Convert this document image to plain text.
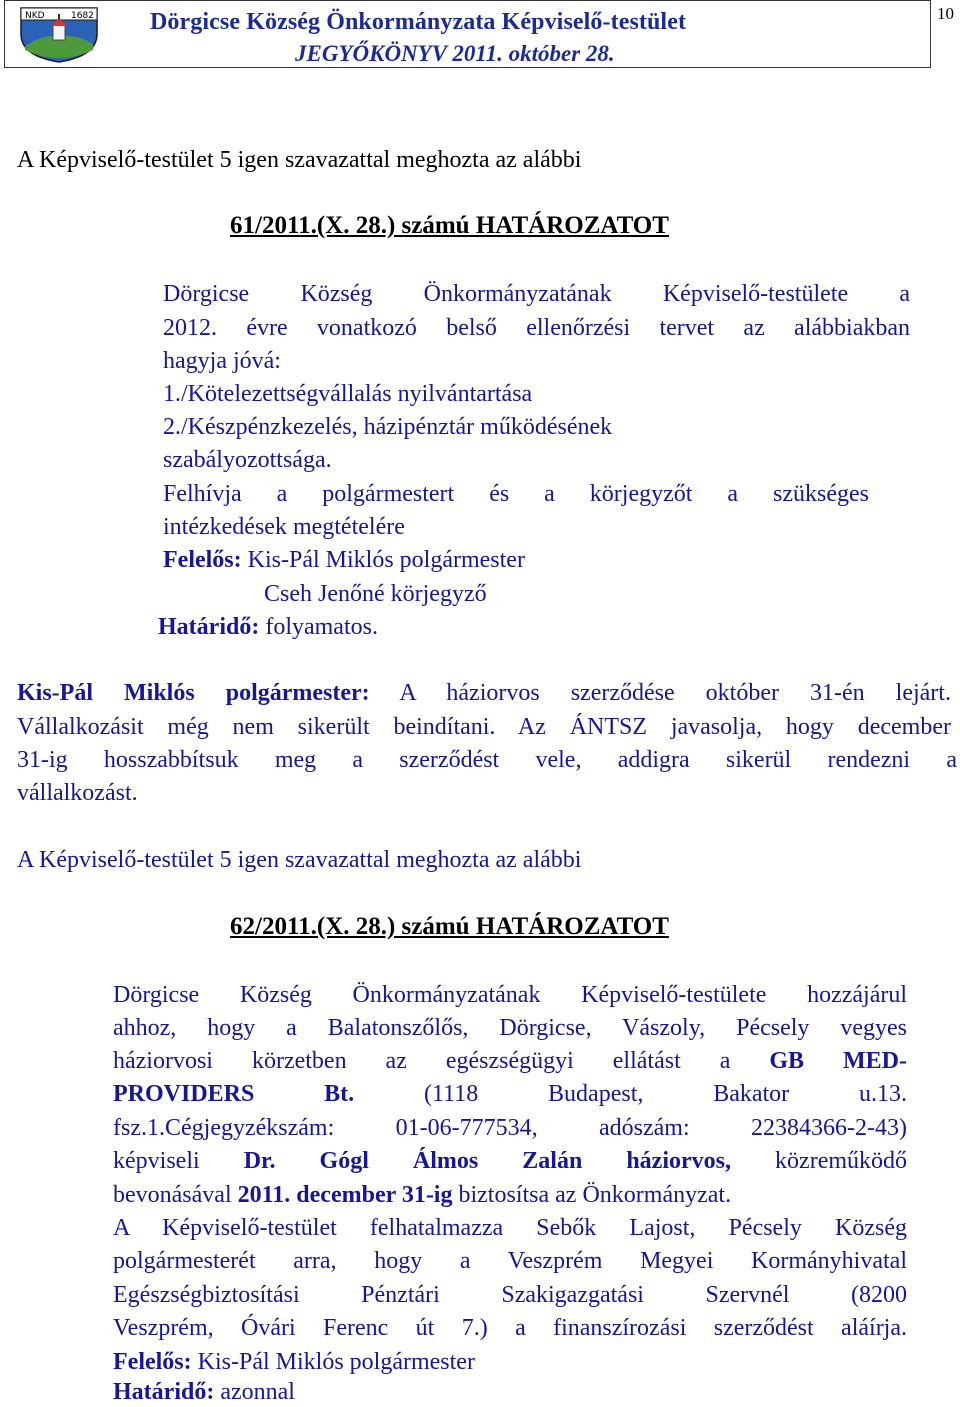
NKD	1682 Dörgicse Község Önkormányzata Képviselő-testület
JEGYŐKÖNYV 2011. október 28.
10
A Képviselő-testület 5 igen szavazattal meghozta az alábbi
61/2011.(X. 28.) számú HATÁROZATOT
Dörgicse Község Önkormányzatának Képviselő-testülete a
2012. évre vonatkozó belső ellenőrzési tervet az alábbiakban
hagyja jóvá:
1./Kötelezettségvállalás nyilvántartása
2./Készpénzkezelés, házipénztár működésének
szabályozottsága.
Felhívja a polgármestert és a körjegyzőt a szükséges
intézkedések megtételére
Felelős: Kis-Pál Miklós polgármester
Cseh Jenőné körjegyző
Határidő: folyamatos.
Kis-Pál Miklós polgármester: A háziorvos szerződése október 31-én lejárt.
Vállalkozásit még nem sikerült beindítani. Az ÁNTSZ javasolja, hogy december
31-ig hosszabbítsuk meg a szerződést vele, addigra sikerül rendezni a
vállalkozást.
A Képviselő-testület 5 igen szavazattal meghozta az alábbi
62/2011.(X. 28.) számú HATÁROZATOT
Dörgicse Község Önkormányzatának Képviselő-testülete hozzájárul
ahhoz, hogy a Balatonszőlős, Dörgicse, Vászoly, Pécsely vegyes
háziorvosi körzetben az egészségügyi ellátást a GB MED-
PROVIDERS Bt.	(1118 Budapest, Bakator u.13.
fsz.1.Cégjegyzékszám: 01-06-777534, adószám: 22384366-2-43)
képviseli Dr. Gógl Álmos Zalán háziorvos, közreműködő
bevonásával 2011. december 31-ig biztosítsa az Önkormányzat.
A Képviselő-testület felhatalmazza Sebők Lajost, Pécsely Község
polgármesterét arra, hogy a Veszprém Megyei Kormányhivatal
Egészségbiztosítási Pénztári Szakigazgatási Szervnél (8200
Veszprém, Óvári Ferenc út 7.) a finanszírozási szerződést aláírja.
Felelős: Kis-Pál Miklós polgármester
Határidő: azonnal
